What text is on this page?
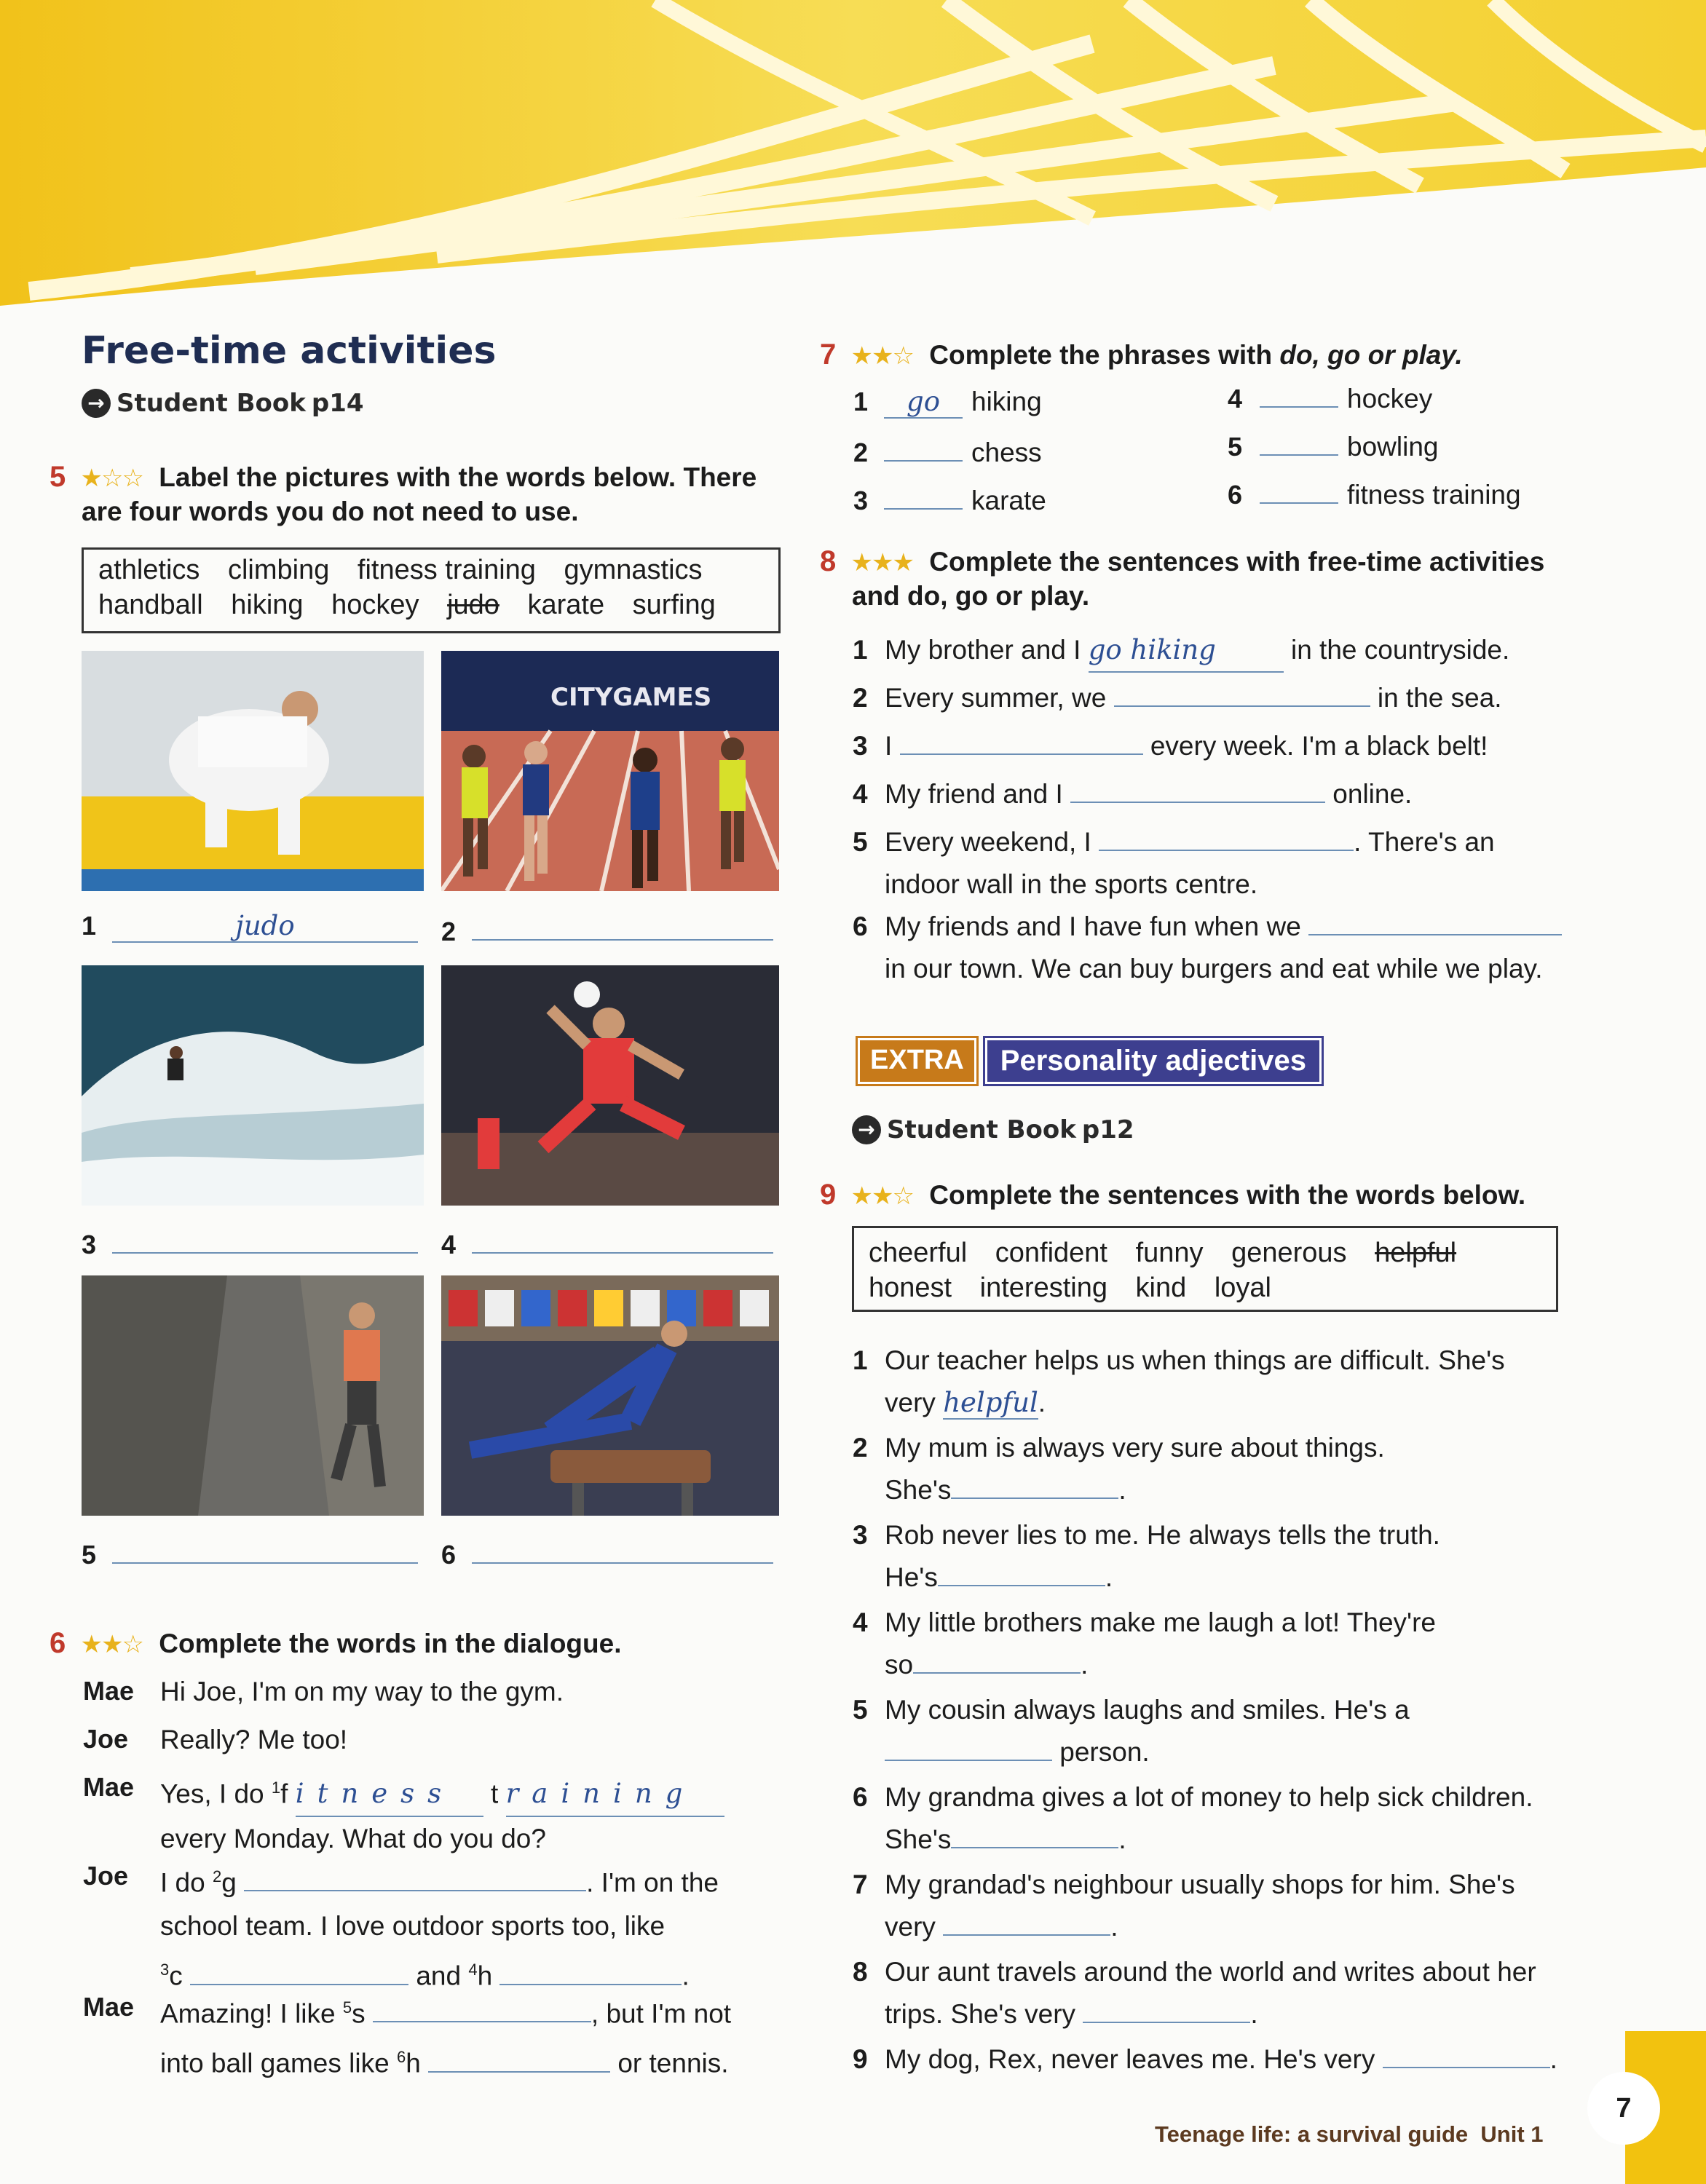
Free-time activities
→ Student Book p14
5 ★☆☆ Label the pictures with the words below. There
are four words you do not need to use.
athletics climbing fitness training gymnastics
handball hiking hockey judo karate surfing
CITYGAMES
1	judo	2
3	4
5	6
6 ★★☆ Complete the words in the dialogue.
Mae Hi Joe, I'm on my way to the gym.
Joe Really? Me too!
Mae Yes, I do $^1$f itness t raining
every Monday. What do you do?
Joe I do $^2$g	. I'm on the
school team. I love outdoor sports too, like
$^3$c	and $^4$h	.
Mae Amazing! I like $^5$s	, but I'm not
into ball games like $^6$h	or tennis.
7 ★★☆ Complete the phrases with do, go or play.
1	go	hiking
2	chess
3	karate
4	hockey
5	bowling
6	fitness training
8 ★★★ Complete the sentences with free-time activities
and do, go or play.
1 My brother and I go hiking	in the countryside.
2 Every summer, we	in the sea.
3 I	every week. I'm a black belt!
4 My friend and I	online.
5 Every weekend, I	. There's an
indoor wall in the sports centre.
6 My friends and I have fun when we
in our town. We can buy burgers and eat while we play.
EXTRA	Personality adjectives
→ Student Book p12
9 ★★☆ Complete the sentences with the words below.
cheerful confident funny generous helpful
honest interesting kind loyal
1 Our teacher helps us when things are difficult. She's
very helpful.
2 My mum is always very sure about things.
She's	.
3 Rob never lies to me. He always tells the truth.
He's	.
4 My little brothers make me laugh a lot! They're
so	.
5 My cousin always laughs and smiles. He's a
person.
6 My grandma gives a lot of money to help sick children.
She's	.
7 My grandad's neighbour usually shops for him. She's
very	.
8 Our aunt travels around the world and writes about her
trips. She's very	.
9 My dog, Rex, never leaves me. He's very	.
Teenage life: a survival guide Unit 1
7
